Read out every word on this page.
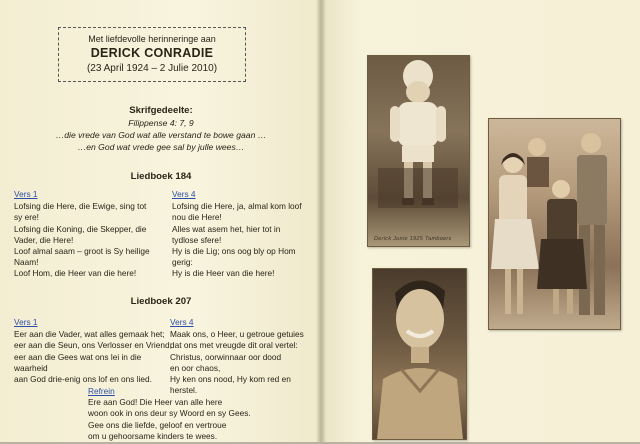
Met liefdevolle herinneringe aan
DERICK CONRADIE
(23 April 1924 – 2 Julie 2010)
Skrifgedeelte:
Filippense 4: 7, 9
…die vrede van God wat alle verstand te bowe gaan …
…en God wat vrede gee sal by julle wees…
Liedboek 184
Vers 1
Lofsing die Here, die Ewige, sing tot
sy ere!
Lofsing die Koning, die Skepper, die
Vader, die Here!
Loof almal saam – groot is Sy heilige
Naam!
Loof Hom, die Heer van die here!
Vers 4
Lofsing die Here, ja, almal kom loof
nou die Here!
Alles wat asem het, hier tot in
tydlose sfere!
Hy is die Lig; ons oog bly op Hom
gerig:
Hy is die Heer van die here!
Liedboek 207
Vers 1
Eer aan die Vader, wat alles gemaak het;
eer aan die Seun, ons Verlosser en Vriend;
eer aan die Gees wat ons lei in die waarheid
aan God drie-enig ons lof en ons lied.
Vers 4
Maak ons, o Heer, u getroue getuies
dat ons met vreugde dit oral vertel:
Christus, oorwinnaar oor dood
en oor chaos,
Hy ken ons nood, Hy kom red en herstel.
Refrein
Ere aan God! Die Heer van alle here
woon ook in ons deur sy Woord en sy Gees.
Gee ons die liefde, geloof en vertroue
om u gehoorsame kinders te wees.
Derick Junie 1925 Tamboers
